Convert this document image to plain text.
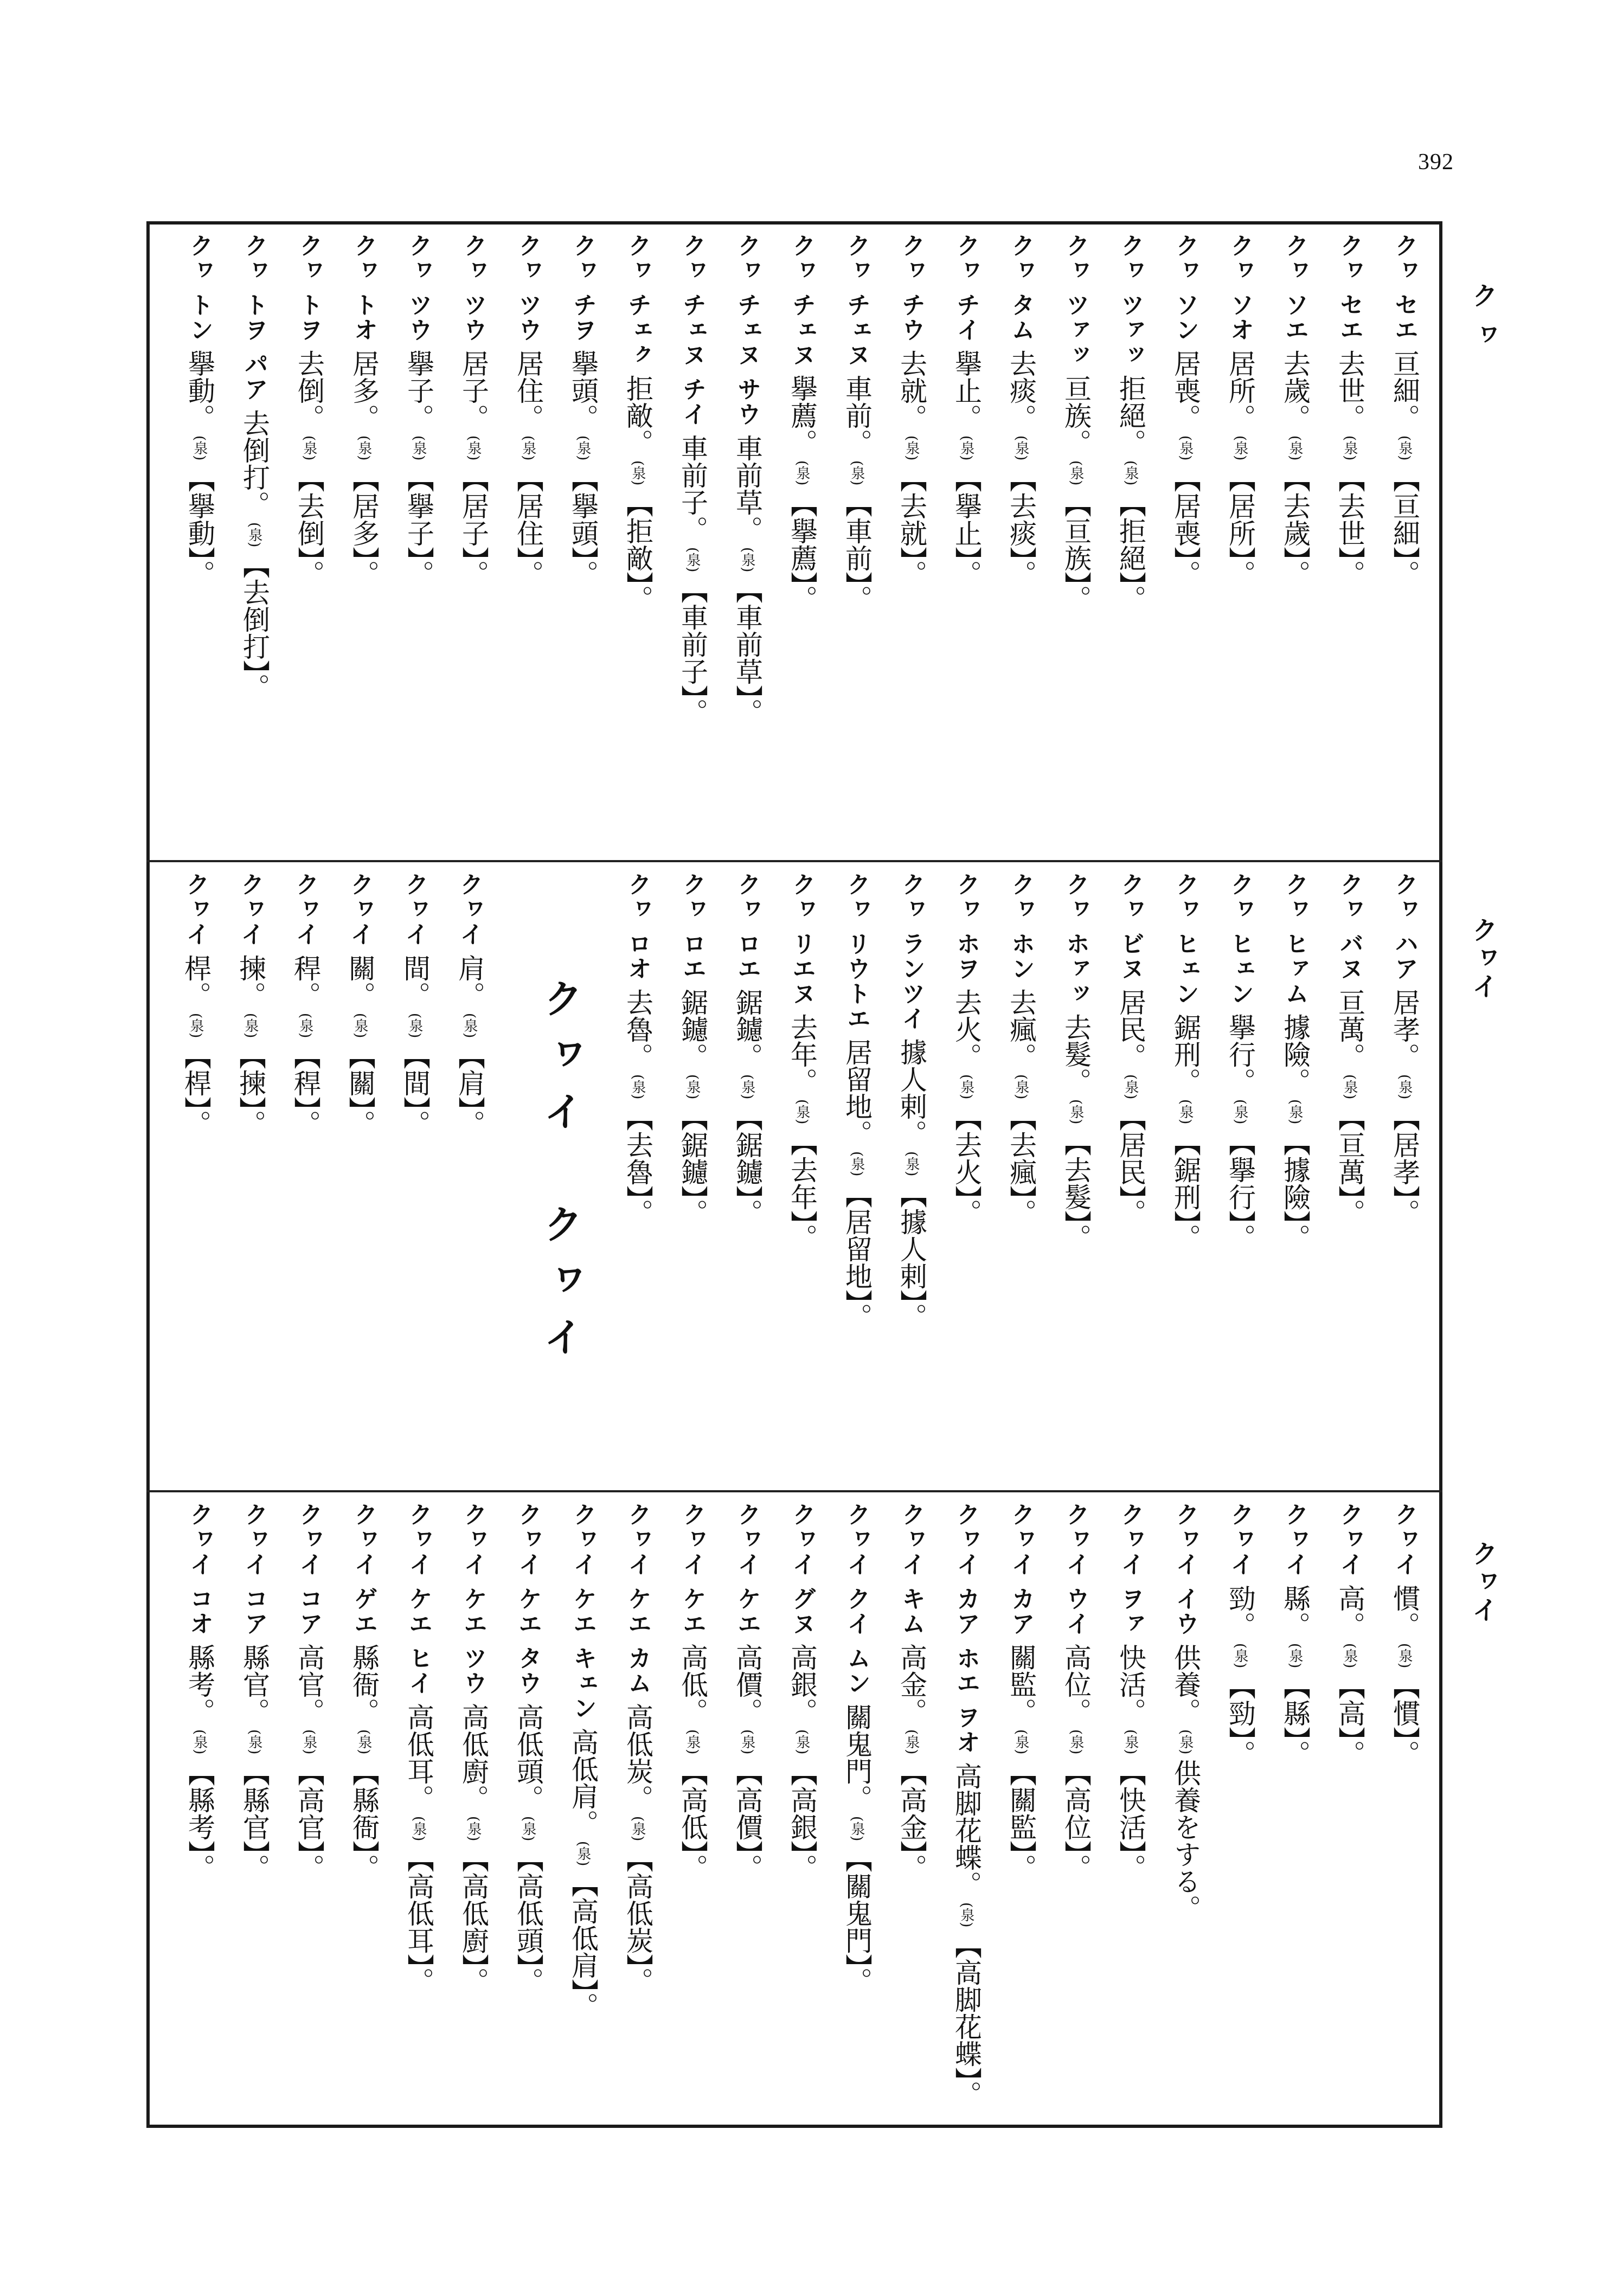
392
ク ヮ
クヮイ
クヮイ
クヮ セエ
亘細。
(泉)
【亘細】。
クヮ セエ
去世。
(泉)
【去世】。
クヮ ソエ
去歲。
(泉)
【去歲】。
クヮ ソオ
居所。
(泉)
【居所】。
クヮ ソン
居喪。
(泉)
【居喪】。
クヮ ツァッ
拒絕。
(泉)
【拒絕】。
クヮ ツァッ
亘族。
(泉)
【亘族】。
クヮ タム
去痰。
(泉)
【去痰】。
クヮ チイ
擧止。
(泉)
【擧止】。
クヮ チウ
去就。
(泉)
【去就】。
クヮ チェヌ
車前。
(泉)
【車前】。
クヮ チェヌ
擧薦。
(泉)
【擧薦】。
クヮ チェヌ サウ
車前草。
(泉)
【車前草】。
クヮ チェヌ チイ
車前子。
(泉)
【車前子】。
クヮ チェㇰ
拒敵。
(泉)
【拒敵】。
クヮ チヲ
擧頭。
(泉)
【擧頭】。
クヮ ツウ
居住。
(泉)
【居住】。
クヮ ツウ
居子。
(泉)
【居子】。
クヮ ツウ
擧子。
(泉)
【擧子】。
クヮ トオ
居多。
(泉)
【居多】。
クヮ トヲ
去倒。
(泉)
【去倒】。
クヮ トヲ パア
去倒打。
(泉)
【去倒打】。
クヮ トン
擧動。
(泉)
【擧動】。
クヮ ハア
居孝。
(泉)
【居孝】。
クヮ バヌ
亘萬。
(泉)
【亘萬】。
クヮ ヒァム
據險。
(泉)
【據險】。
クヮ ヒェン
擧行。
(泉)
【擧行】。
クヮ ヒェン
鋸刑。
(泉)
【鋸刑】。
クヮ ビヌ
居民。
(泉)
【居民】。
クヮ ホァッ
去髮。
(泉)
【去髮】。
クヮ ホン
去瘋。
(泉)
【去瘋】。
クヮ ホヲ
去火。
(泉)
【去火】。
クヮ ランツイ
據人剌。
(泉)
【據人剌】。
クヮ リウトエ
居留地。
(泉)
【居留地】。
クヮ リエヌ
去年。
(泉)
【去年】。
クヮ ロエ
鋸鑢。
(泉)
【鋸鑢】。
クヮ ロエ
鋸鑢。
(泉)
【鋸鑢】。
クヮ ロオ
去魯。
(泉)
【去魯】。
クヮイ　クヮイ
クヮイ
肩。
(泉)
【肩】。
クヮイ
間。
(泉)
【間】。
クヮイ
關。
(泉)
【關】。
クヮイ
稈。
(泉)
【稈】。
クヮイ
揀。
(泉)
【揀】。
クヮイ
桿。
(泉)
【桿】。
クヮイ
慣。
(泉)
【慣】。
クヮイ
高。
(泉)
【高】。
クヮイ
縣。
(泉)
【縣】。
クヮイ
勁。
(泉)
【勁】。
クヮイ イウ
供養。
(泉)
供養をする。
クヮイ ヲァ
快活。
(泉)
【快活】。
クヮイ ウイ
高位。
(泉)
【高位】。
クヮイ カア
關監。
(泉)
【關監】。
クヮイ カア ホエ ヲオ
高脚花蝶。
(泉)
【高脚花蝶】。
クヮイ キム
高金。
(泉)
【高金】。
クヮイ クイ ムン
關鬼門。
(泉)
【關鬼門】。
クヮイ グヌ
高銀。
(泉)
【高銀】。
クヮイ ケエ
高價。
(泉)
【高價】。
クヮイ ケエ
高低。
(泉)
【高低】。
クヮイ ケエ カム
高低炭。
(泉)
【高低炭】。
クヮイ ケエ キェン
高低肩。
(泉)
【高低肩】。
クヮイ ケエ タウ
高低頭。
(泉)
【高低頭】。
クヮイ ケエ ツウ
高低廚。
(泉)
【高低廚】。
クヮイ ケエ ヒイ
高低耳。
(泉)
【高低耳】。
クヮイ ゲエ
縣衙。
(泉)
【縣衙】。
クヮイ コア
高官。
(泉)
【高官】。
クヮイ コア
縣官。
(泉)
【縣官】。
クヮイ コオ
縣考。
(泉)
【縣考】。
